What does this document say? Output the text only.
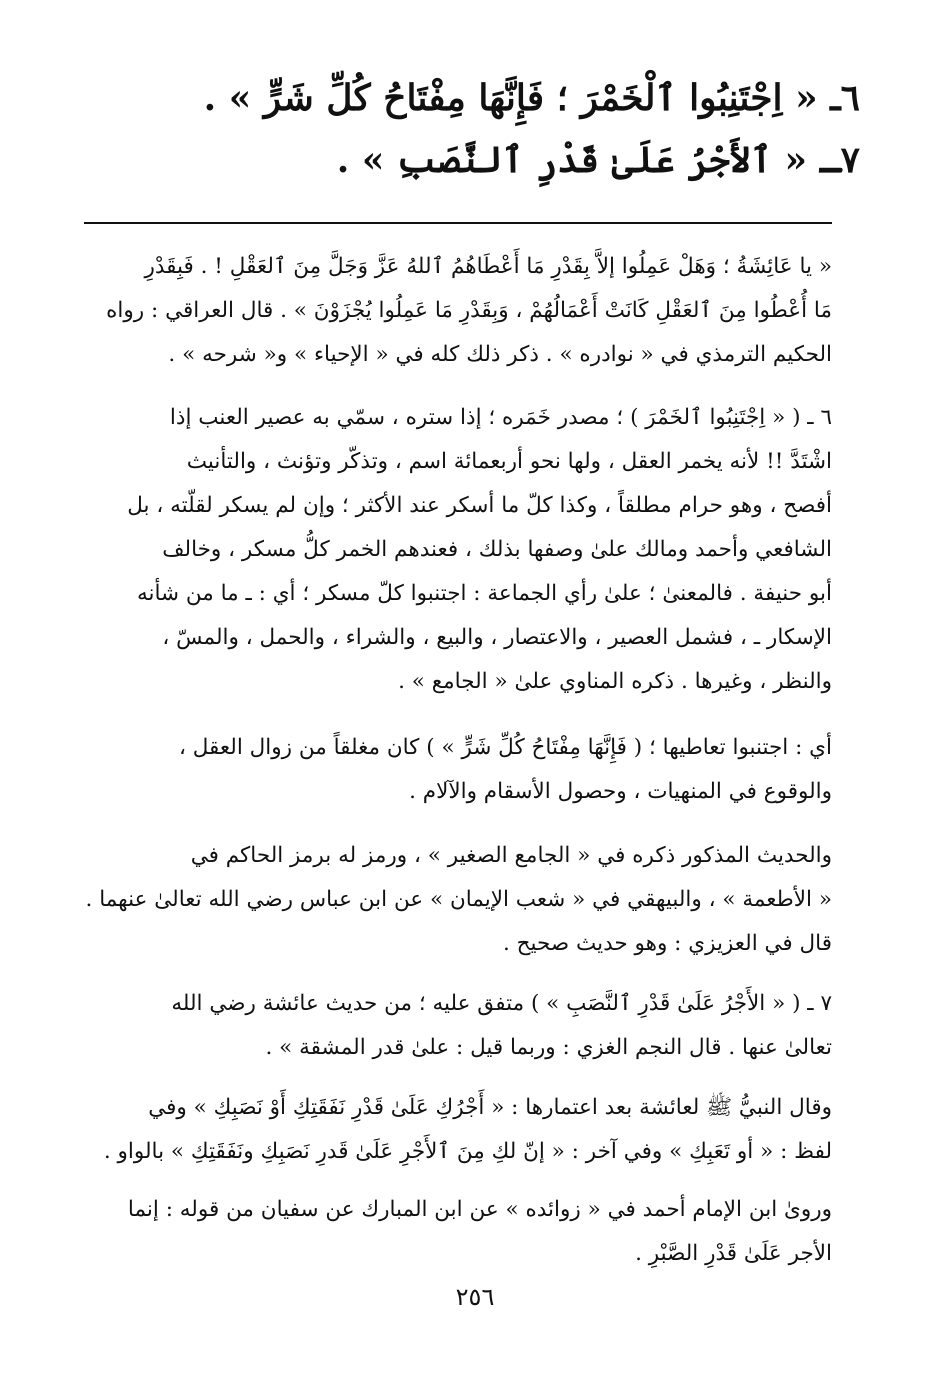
٦ـ « اِجْتَنِبُوا ٱلْخَمْرَ ؛ فَإِنَّهَا مِفْتَاحُ كُلِّ شَرٍّ » .
٧ـ « ٱلأَجْرُ عَلَىٰ قَدْرِ ٱلنَّصَبِ » .
« يا عَائِشَةُ ؛ وَهَلْ عَمِلُوا إلاَّ بِقَدْرِ مَا أَعْطَاهُمُ ٱللهُ عَزَّ وَجَلَّ مِنَ ٱلعَقْلِ ! . فَبِقَدْرِ
مَا أُعْطُوا مِنَ ٱلعَقْلِ كَانَتْ أَعْمَالُهُمْ ، وَبِقَدْرِ مَا عَمِلُوا يُجْزَوْنَ » . قال العراقي : رواه
الحكيم الترمذي في « نوادره » . ذكر ذلك كله في « الإحياء » و« شرحه » .
٦ ـ ( « اِجْتَنِبُوا ٱلخَمْرَ ) ؛ مصدر خَمَره ؛ إذا ستره ، سمّي به عصير العنب إذا
اشْتَدَّ !! لأنه يخمر العقل ، ولها نحو أربعمائة اسم ، وتذكّر وتؤنث ، والتأنيث
أفصح ، وهو حرام مطلقاً ، وكذا كلّ ما أسكر عند الأكثر ؛ وإن لم يسكر لقلّته ، بل
الشافعي وأحمد ومالك علىٰ وصفها بذلك ، فعندهم الخمر كلُّ مسكر ، وخالف
أبو حنيفة . فالمعنىٰ ؛ علىٰ رأي الجماعة : اجتنبوا كلّ مسكر ؛ أي : ـ ما من شأنه
الإسكار ـ ، فشمل العصير ، والاعتصار ، والبيع ، والشراء ، والحمل ، والمسّ ،
والنظر ، وغيرها . ذكره المناوي علىٰ « الجامع » .
أي : اجتنبوا تعاطيها ؛ ( فَإِنَّهَا مِفْتَاحُ كُلِّ شَرٍّ » ) كان مغلقاً من زوال العقل ،
والوقوع في المنهيات ، وحصول الأسقام والآلام .
والحديث المذكور ذكره في « الجامع الصغير » ، ورمز له برمز الحاكم في
« الأطعمة » ، والبيهقي في « شعب الإيمان » عن ابن عباس رضي الله تعالىٰ عنهما .
قال في العزيزي : وهو حديث صحيح .
٧ ـ ( « الأَجْرُ عَلَىٰ قَدْرِ ٱلنَّصَبِ » ) متفق عليه ؛ من حديث عائشة رضي الله
تعالىٰ عنها . قال النجم الغزي : وربما قيل : علىٰ قدر المشقة » .
وقال النبيُّ ﷺ لعائشة بعد اعتمارها : « أَجْرُكِ عَلَىٰ قَدْرِ نَفَقَتِكِ أَوْ نَصَبِكِ » وفي
لفظ : « أو تَعَبِكِ » وفي آخر : « إنّ لكِ مِنَ ٱلأَجْرِ عَلَىٰ قَدرِ نَصَبِكِ ونَفَقَتِكِ » بالواو .
وروىٰ ابن الإمام أحمد في « زوائده » عن ابن المبارك عن سفيان من قوله : إنما
الأجر عَلَىٰ قَدْرِ الصَّبْرِ .
٢٥٦
